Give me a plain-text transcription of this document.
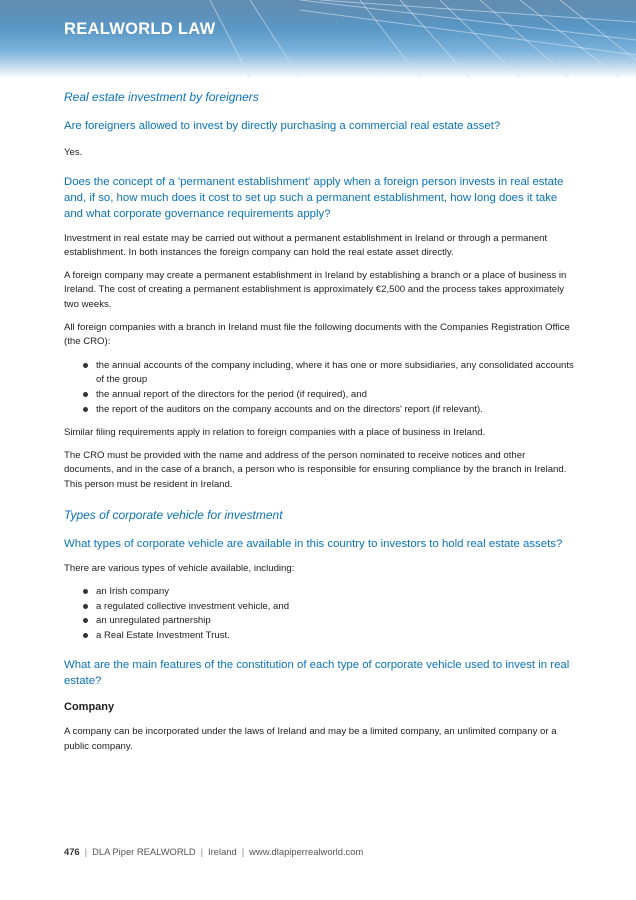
REALWORLD LAW

Real estate investment by foreigners

Are foreigners allowed to invest by directly purchasing a commercial real estate asset?

Yes.

Does the concept of a 'permanent establishment' apply when a foreign person invests in real estate and, if so, how much does it cost to set up such a permanent establishment, how long does it take and what corporate governance requirements apply?

Investment in real estate may be carried out without a permanent establishment in Ireland or through a permanent establishment. In both instances the foreign company can hold the real estate asset directly.

A foreign company may create a permanent establishment in Ireland by establishing a branch or a place of business in Ireland. The cost of creating a permanent establishment is approximately €2,500 and the process takes approximately two weeks.

All foreign companies with a branch in Ireland must file the following documents with the Companies Registration Office (the CRO):

the annual accounts of the company including, where it has one or more subsidiaries, any consolidated accounts of the group
the annual report of the directors for the period (if required), and
the report of the auditors on the company accounts and on the directors' report (if relevant).

Similar filing requirements apply in relation to foreign companies with a place of business in Ireland.

The CRO must be provided with the name and address of the person nominated to receive notices and other documents, and in the case of a branch, a person who is responsible for ensuring compliance by the branch in Ireland. This person must be resident in Ireland.

Types of corporate vehicle for investment

What types of corporate vehicle are available in this country to investors to hold real estate assets?

There are various types of vehicle available, including:

an Irish company
a regulated collective investment vehicle, and
an unregulated partnership
a Real Estate Investment Trust.

What are the main features of the constitution of each type of corporate vehicle used to invest in real estate?

Company

A company can be incorporated under the laws of Ireland and may be a limited company, an unlimited company or a public company.

476 | DLA Piper REALWORLD | Ireland | www.dlapiperrealworld.com
